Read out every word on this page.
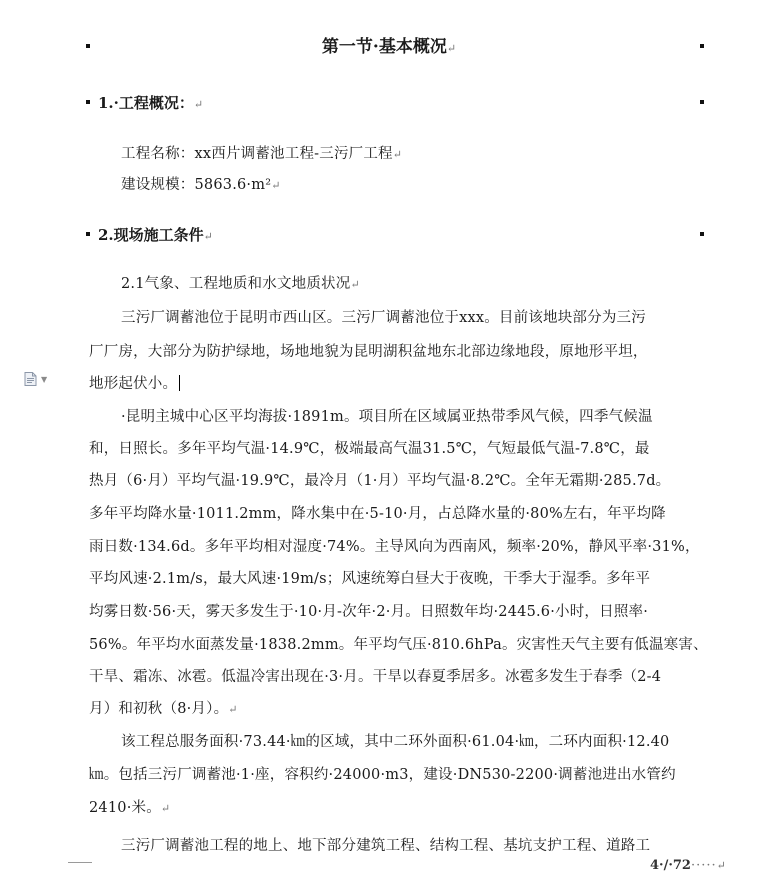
第一节·基本概况↵
1.·工程概况：↵
工程名称：xx西片调蓄池工程-三污厂工程↵
建设规模：5863.6·m²↵
2.现场施工条件↵
2.1气象、工程地质和水文地质状况↵
三污厂调蓄池位于昆明市西山区。三污厂调蓄池位于xxx。目前该地块部分为三污
厂厂房，大部分为防护绿地，场地地貌为昆明湖积盆地东北部边缘地段，原地形平坦，
地形起伏小。
▼
·昆明主城中心区平均海拔·1891m。项目所在区域属亚热带季风气候，四季气候温
和，日照长。多年平均气温·14.9℃，极端最高气温31.5℃，气短最低气温-7.8℃，最
热月（6·月）平均气温·19.9℃，最冷月（1·月）平均气温·8.2℃。全年无霜期·285.7d。
多年平均降水量·1011.2mm，降水集中在·5-10·月，占总降水量的·80%左右，年平均降
雨日数·134.6d。多年平均相对湿度·74%。主导风向为西南风，频率·20%，静风平率·31%，
平均风速·2.1m/s，最大风速·19m/s；风速统筹白昼大于夜晚，干季大于湿季。多年平
均雾日数·56·天，雾天多发生于·10·月-次年·2·月。日照数年均·2445.6·小时，日照率·
56%。年平均水面蒸发量·1838.2mm。年平均气压·810.6hPa。灾害性天气主要有低温寒害、
干旱、霜冻、冰雹。低温冷害出现在·3·月。干旱以春夏季居多。冰雹多发生于春季（2-4
月）和初秋（8·月）。↵
该工程总服务面积·73.44·㎞的区域，其中二环外面积·61.04·㎞，二环内面积·12.40
㎞。包括三污厂调蓄池·1·座，容积约·24000·m3，建设·DN530-2200·调蓄池进出水管约
2410·米。↵
三污厂调蓄池工程的地上、地下部分建筑工程、结构工程、基坑支护工程、道路工
4·/·72·····↵
